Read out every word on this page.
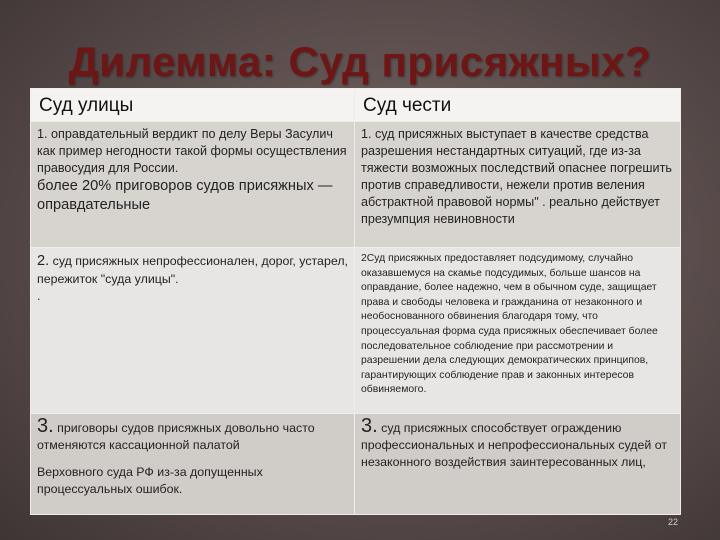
Дилемма: Суд присяжных?
Суд улицы	Суд чести

1. оправдательный вердикт по делу Веры Засулич как пример негодности такой формы осуществления правосудия для России.
более 20% приговоров судов присяжных — оправдательные	1. суд присяжных выступает в качестве средства разрешения нестандартных ситуаций, где из-за тяжести возможных последствий опаснее погрешить против справедливости, нежели против веления абстрактной правовой нормы" . реально действует презумпция невиновности

2. суд присяжных непрофессионален, дорог, устарел, пережиток "суда улицы".
.	2Суд присяжных предоставляет подсудимому, случайно оказавшемуся на скамье подсудимых, больше шансов на оправдание, более надежно, чем в обычном суде, защищает права и свободы человека и гражданина от незаконного и необоснованного обвинения благодаря тому, что процессуальная форма суда присяжных обеспечивает более последовательное соблюдение при рассмотрении и разрешении дела следующих демократических принципов, гарантирующих соблюдение прав и законных интересов обвиняемого.

3. приговоры судов присяжных довольно часто отменяются кассационной палатой
Верховного суда РФ из-за допущенных процессуальных ошибок.	3. суд присяжных способствует ограждению профессиональных и непрофессиональных судей от незаконного воздействия заинтересованных лиц,
22
